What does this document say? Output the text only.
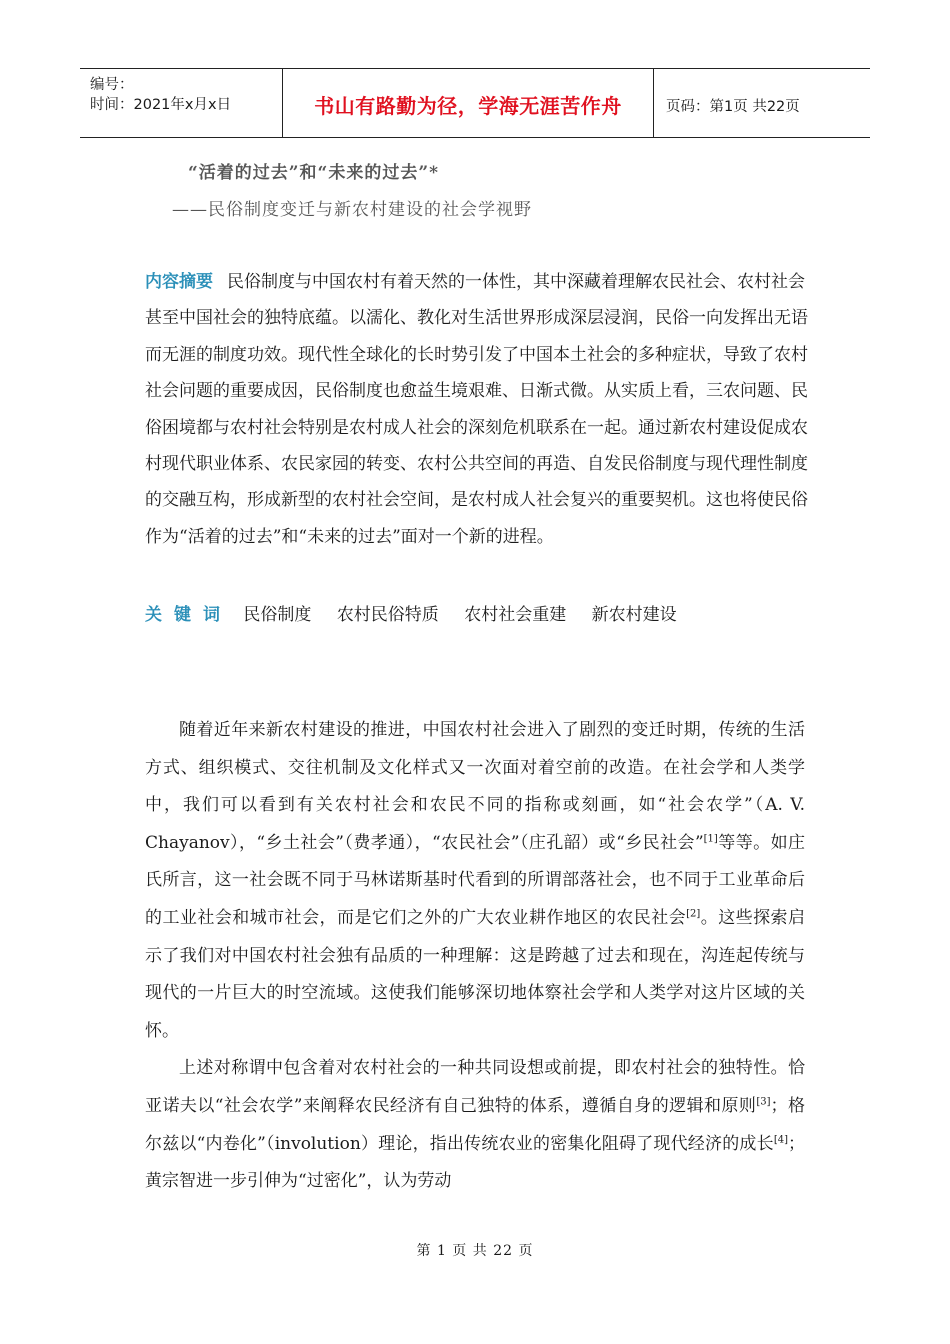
编号：
时间：2021年x月x日	书山有路勤为径，学海无涯苦作舟	页码：第1页 共22页
“活着的过去”和“未来的过去”*
——民俗制度变迁与新农村建设的社会学视野
内容摘要 民俗制度与中国农村有着天然的一体性，其中深藏着理解农民社会、农村社会甚至中国社会的独特底蕴。以濡化、教化对生活世界形成深层浸润，民俗一向发挥出无语而无涯的制度功效。现代性全球化的长时势引发了中国本土社会的多种症状，导致了农村社会问题的重要成因，民俗制度也愈益生境艰难、日渐式微。从实质上看，三农问题、民俗困境都与农村社会特别是农村成人社会的深刻危机联系在一起。通过新农村建设促成农村现代职业体系、农民家园的转变、农村公共空间的再造、自发民俗制度与现代理性制度的交融互构，形成新型的农村社会空间，是农村成人社会复兴的重要契机。这也将使民俗作为“活着的过去”和“未来的过去”面对一个新的进程。
关键词 民俗制度 农村民俗特质 农村社会重建 新农村建设

随着近年来新农村建设的推进，中国农村社会进入了剧烈的变迁时期，传统的生活方式、组织模式、交往机制及文化样式又一次面对着空前的改造。在社会学和人类学中，我们可以看到有关农村社会和农民不同的指称或刻画，如“社会农学”（A. V. Chayanov），“乡土社会”（费孝通），“农民社会”（庄孔韶）或“乡民社会”[1]等等。如庄氏所言，这一社会既不同于马林诺斯基时代看到的所谓部落社会，也不同于工业革命后的工业社会和城市社会，而是它们之外的广大农业耕作地区的农民社会[2]。这些探索启示了我们对中国农村社会独有品质的一种理解：这是跨越了过去和现在，沟连起传统与现代的一片巨大的时空流域。这使我们能够深切地体察社会学和人类学对这片区域的关怀。

上述对称谓中包含着对农村社会的一种共同设想或前提，即农村社会的独特性。恰亚诺夫以“社会农学”来阐释农民经济有自己独特的体系，遵循自身的逻辑和原则[3]；格尔兹以“内卷化”（involution）理论，指出传统农业的密集化阻碍了现代经济的成长[4]；黄宗智进一步引伸为“过密化”，认为劳动

第 1 页 共 22 页
